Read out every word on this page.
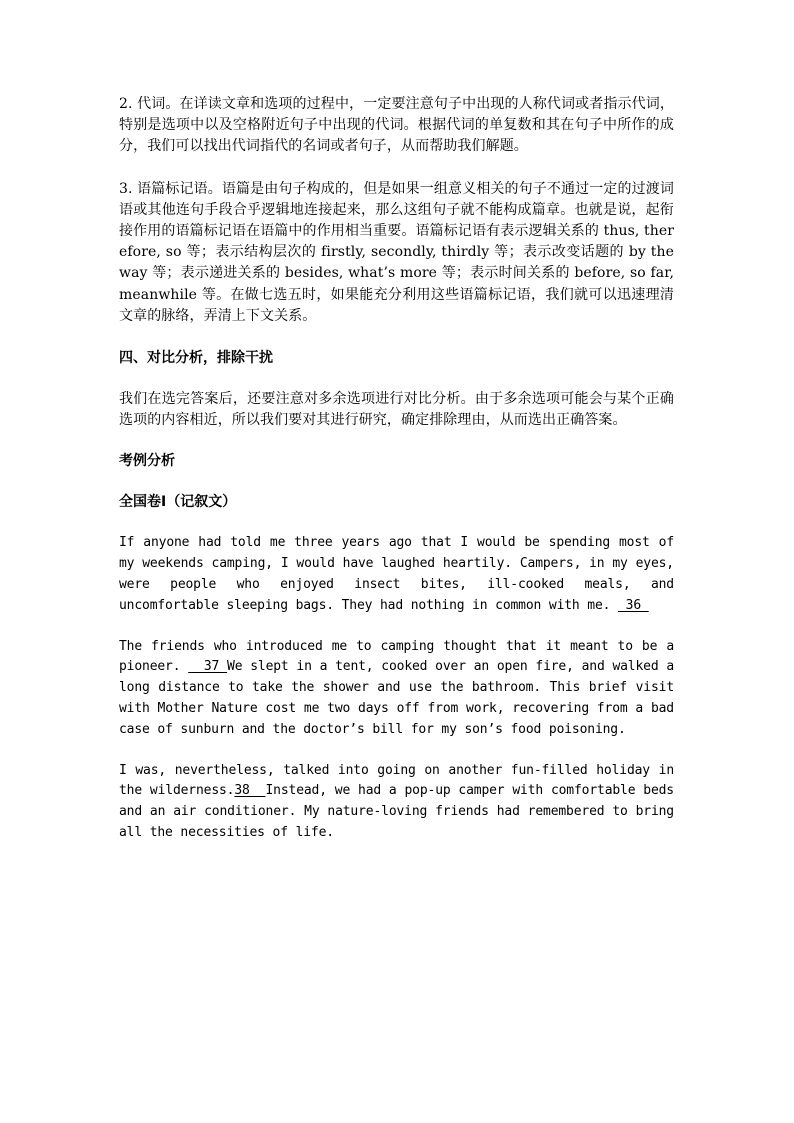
2. 代词。在详读文章和选项的过程中，一定要注意句子中出现的人称代词或者指示代词，特别是选项中以及空格附近句子中出现的代词。根据代词的单复数和其在句子中所作的成分，我们可以找出代词指代的名词或者句子，从而帮助我们解题。

3. 语篇标记语。语篇是由句子构成的，但是如果一组意义相关的句子不通过一定的过渡词语或其他连句手段合乎逻辑地连接起来，那么这组句子就不能构成篇章。也就是说，起衔接作用的语篇标记语在语篇中的作用相当重要。语篇标记语有表示逻辑关系的 thus, therefore, so 等；表示结构层次的 firstly, secondly, thirdly 等；表示改变话题的 by the way 等；表示递进关系的 besides, what’s more 等；表示时间关系的 before, so far, meanwhile 等。在做七选五时，如果能充分利用这些语篇标记语，我们就可以迅速理清文章的脉络，弄清上下文关系。

四、对比分析，排除干扰

我们在选完答案后，还要注意对多余选项进行对比分析。由于多余选项可能会与某个正确选项的内容相近，所以我们要对其进行研究，确定排除理由，从而选出正确答案。

考例分析

全国卷Ⅰ（记叙文）

If anyone had told me three years ago that I would be spending most of my weekends camping, I would have laughed heartily. Campers, in my eyes, were people who enjoyed insect bites, ill-cooked meals, and uncomfortable sleeping bags. They had nothing in common with me.  36

The friends who introduced me to camping thought that it meant to be a pioneer.   37 We slept in a tent, cooked over an open fire, and walked a long distance to take the shower and use the bathroom. This brief visit with Mother Nature cost me two days off from work, recovering from a bad case of sunburn and the doctor’s bill for my son’s food poisoning.

I was, nevertheless, talked into going on another fun-filled holiday in the wilderness.38  Instead, we had a pop-up camper with comfortable beds and an air conditioner. My nature-loving friends had remembered to bring all the necessities of life.
